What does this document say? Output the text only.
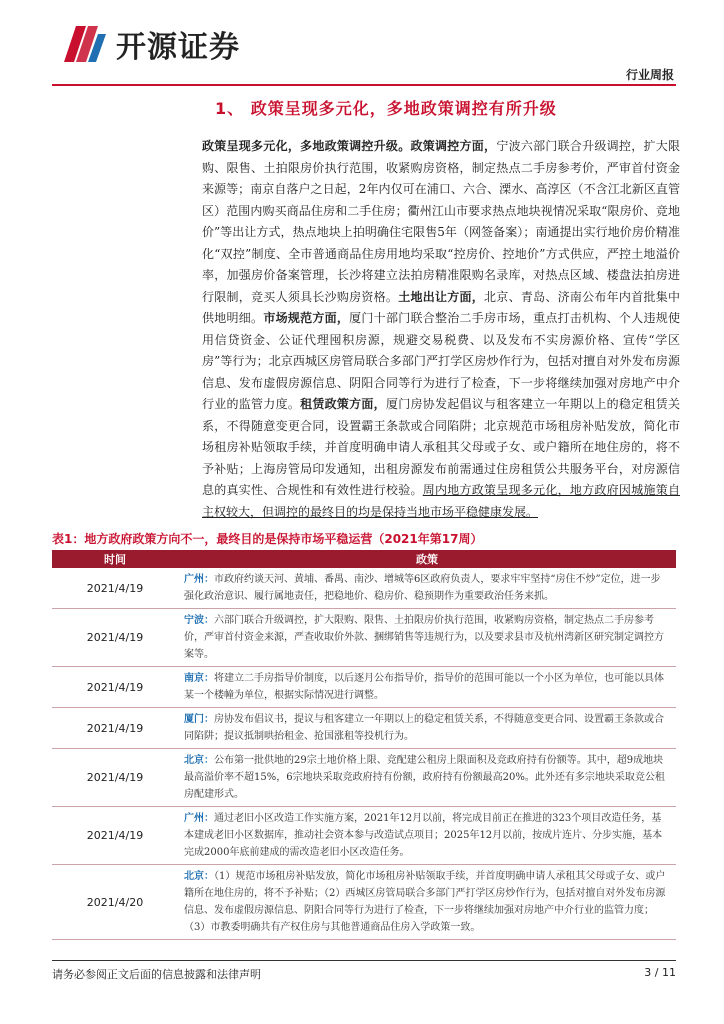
开源证券
行业周报
1、 政策呈现多元化，多地政策调控有所升级
政策呈现多元化，多地政策调控升级。政策调控方面，宁波六部门联合升级调控，扩大限购、限售、土拍限房价执行范围，收紧购房资格，制定热点二手房参考价，严审首付资金来源等；南京自落户之日起，2年内仅可在浦口、六合、溧水、高淳区（不含江北新区直管区）范围内购买商品住房和二手住房；衢州江山市要求热点地块视情况采取“限房价、竞地价”等出让方式，热点地块上拍明确住宅限售5年（网签备案）；南通提出实行地价房价精准化“双控”制度、全市普通商品住房用地均采取“控房价、控地价”方式供应，严控土地溢价率，加强房价备案管理，长沙将建立法拍房精准限购名录库，对热点区域、楼盘法拍房进行限制，竞买人须具长沙购房资格。土地出让方面，北京、青岛、济南公布年内首批集中供地明细。市场规范方面，厦门十部门联合整治二手房市场，重点打击机构、个人违规使用信贷资金、公证代理囤积房源，规避交易税费、以及发布不实房源价格、宣传“学区房”等行为；北京西城区房管局联合多部门严打学区房炒作行为，包括对擅自对外发布房源信息、发布虚假房源信息、阴阳合同等行为进行了检查，下一步将继续加强对房地产中介行业的监管力度。租赁政策方面，厦门房协发起倡议与租客建立一年期以上的稳定租赁关系，不得随意变更合同，设置霸王条款或合同陷阱；北京规范市场租房补贴发放，简化市场租房补贴领取手续，并首度明确申请人承租其父母或子女、或户籍所在地住房的，将不予补贴；上海房管局印发通知，出租房源发布前需通过住房租赁公共服务平台，对房源信息的真实性、合规性和有效性进行校验。周内地方政策呈现多元化，地方政府因城施策自主权较大，但调控的最终目的均是保持当地市场平稳健康发展。
表1：地方政府政策方向不一，最终目的是保持市场平稳运营（2021年第17周）
时间	政策
2021/4/19	广州：市政府约谈天河、黄埔、番禺、南沙、增城等6区政府负责人，要求牢牢坚持“房住不炒”定位，进一步强化政治意识、履行属地责任，把稳地价、稳房价、稳预期作为重要政治任务来抓。
2021/4/19	宁波：六部门联合升级调控，扩大限购、限售、土拍限房价执行范围，收紧购房资格，制定热点二手房参考价，严审首付资金来源，严查收取价外款、捆绑销售等违规行为，以及要求县市及杭州湾新区研究制定调控方案等。
2021/4/19	南京：将建立二手房指导价制度，以后逐月公布指导价，指导价的范围可能以一个小区为单位，也可能以具体某一个楼幢为单位，根据实际情况进行调整。
2021/4/19	厦门：房协发布倡议书，提议与租客建立一年期以上的稳定租赁关系，不得随意变更合同、设置霸王条款或合同陷阱；提议抵制哄抬租金、抢国涨租等投机行为。
2021/4/19	北京：公布第一批供地的29宗土地价格上限、竞配建公租房上限面积及竞政府持有份额等。其中，超9成地块最高溢价率不超15%，6宗地块采取竞政府持有份额，政府持有份额最高20%。此外还有多宗地块采取竞公租房配建形式。
2021/4/19	广州：通过老旧小区改造工作实施方案，2021年12月以前，将完成目前正在推进的323个项目改造任务，基本建成老旧小区数据库，推动社会资本参与改造试点项目；2025年12月以前，按成片连片、分步实施，基本完成2000年底前建成的需改造老旧小区改造任务。
2021/4/20	北京：（1）规范市场租房补贴发放，简化市场租房补贴领取手续，并首度明确申请人承租其父母或子女、或户籍所在地住房的，将不予补贴；（2）西城区房管局联合多部门严打学区房炒作行为，包括对擅自对外发布房源信息、发布虚假房源信息、阴阳合同等行为进行了检查，下一步将继续加强对房地产中介行业的监管力度；（3）市教委明确共有产权住房与其他普通商品住房入学政策一致。
请务必参阅正文后面的信息披露和法律声明	3 / 11
